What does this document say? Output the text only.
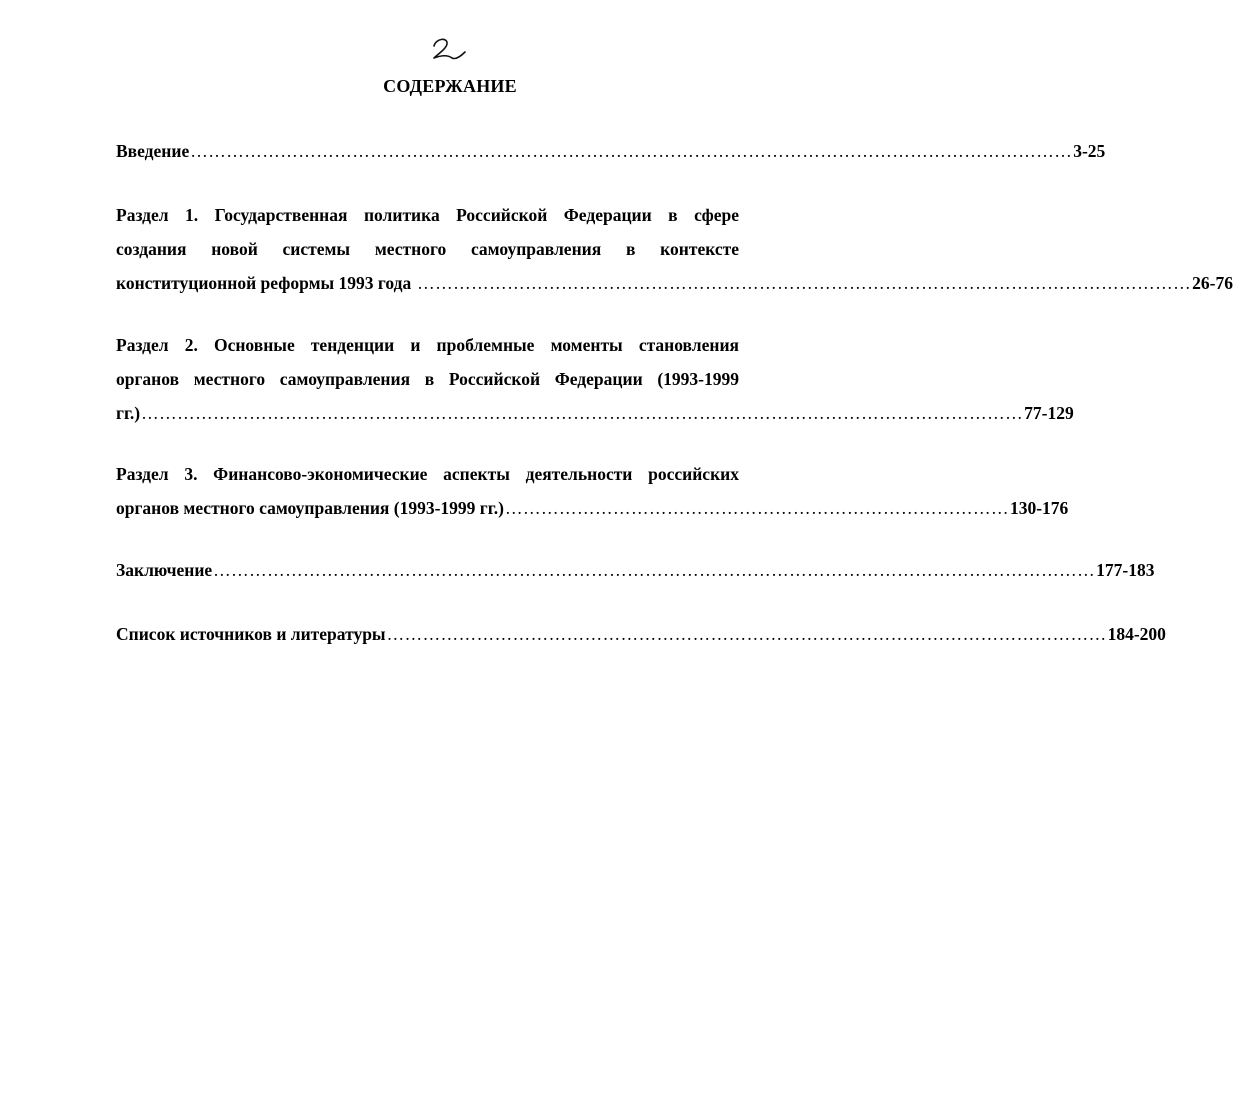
СОДЕРЖАНИЕ
Введение ………………………………………………………………………………………………………………………………… 3-25
Раздел 1. Государственная политика Российской Федерации в сфере
создания новой системы местного самоуправления в контексте
конституционной реформы 1993 года ………………………………………………………………………………………………………………… 26-76
Раздел 2. Основные тенденции и проблемные моменты становления
органов местного самоуправления в Российской Федерации (1993-1999
гг.) ………………………………………………………………………………………………………………………………… 77-129
Раздел 3. Финансово-экономические аспекты деятельности российских
органов местного самоуправления (1993-1999 гг.) ………………………………………………………………………… 130-176
Заключение ………………………………………………………………………………………………………………………………… 177-183
Список источников и литературы ………………………………………………………………………………………………………… 184-200
